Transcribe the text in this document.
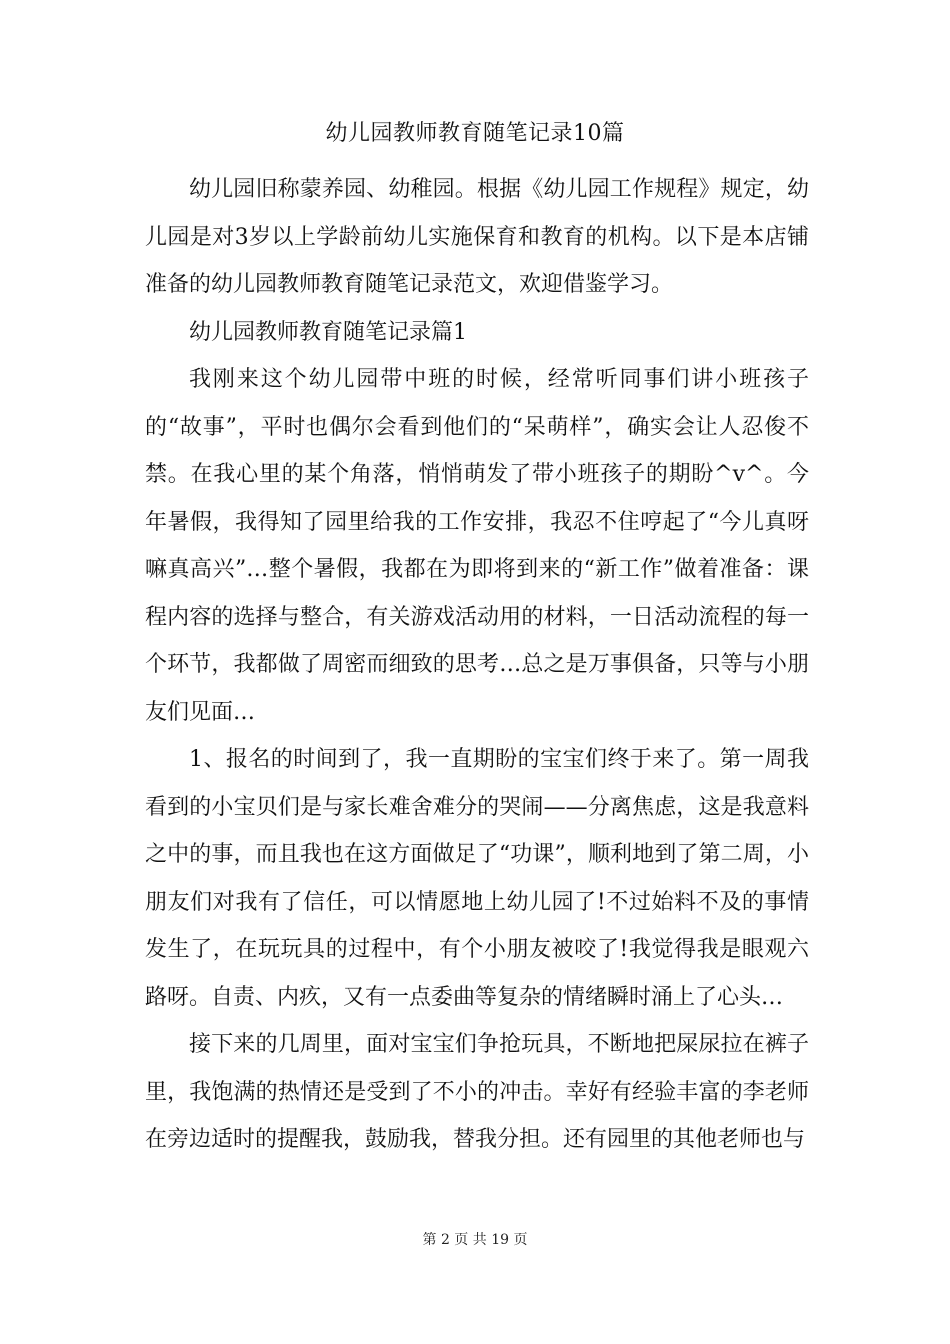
幼儿园教师教育随笔记录10篇

幼儿园旧称蒙养园、幼稚园。根据《幼儿园工作规程》规定，幼儿园是对3岁以上学龄前幼儿实施保育和教育的机构。以下是本店铺准备的幼儿园教师教育随笔记录范文，欢迎借鉴学习。

幼儿园教师教育随笔记录篇1

我刚来这个幼儿园带中班的时候，经常听同事们讲小班孩子的“故事”，平时也偶尔会看到他们的“呆萌样”，确实会让人忍俊不禁。在我心里的某个角落，悄悄萌发了带小班孩子的期盼^v^。今年暑假，我得知了园里给我的工作安排，我忍不住哼起了“今儿真呀嘛真高兴”…整个暑假，我都在为即将到来的“新工作”做着准备：课程内容的选择与整合，有关游戏活动用的材料，一日活动流程的每一个环节，我都做了周密而细致的思考…总之是万事俱备，只等与小朋友们见面…

1、报名的时间到了，我一直期盼的宝宝们终于来了。第一周我看到的小宝贝们是与家长难舍难分的哭闹——分离焦虑，这是我意料之中的事，而且我也在这方面做足了“功课”，顺利地到了第二周，小朋友们对我有了信任，可以情愿地上幼儿园了!不过始料不及的事情发生了，在玩玩具的过程中，有个小朋友被咬了!我觉得我是眼观六路呀。自责、内疚，又有一点委曲等复杂的情绪瞬时涌上了心头…

接下来的几周里，面对宝宝们争抢玩具，不断地把屎尿拉在裤子里，我饱满的热情还是受到了不小的冲击。幸好有经验丰富的李老师在旁边适时的提醒我，鼓励我，替我分担。还有园里的其他老师也与

第 2 页 共 19 页
